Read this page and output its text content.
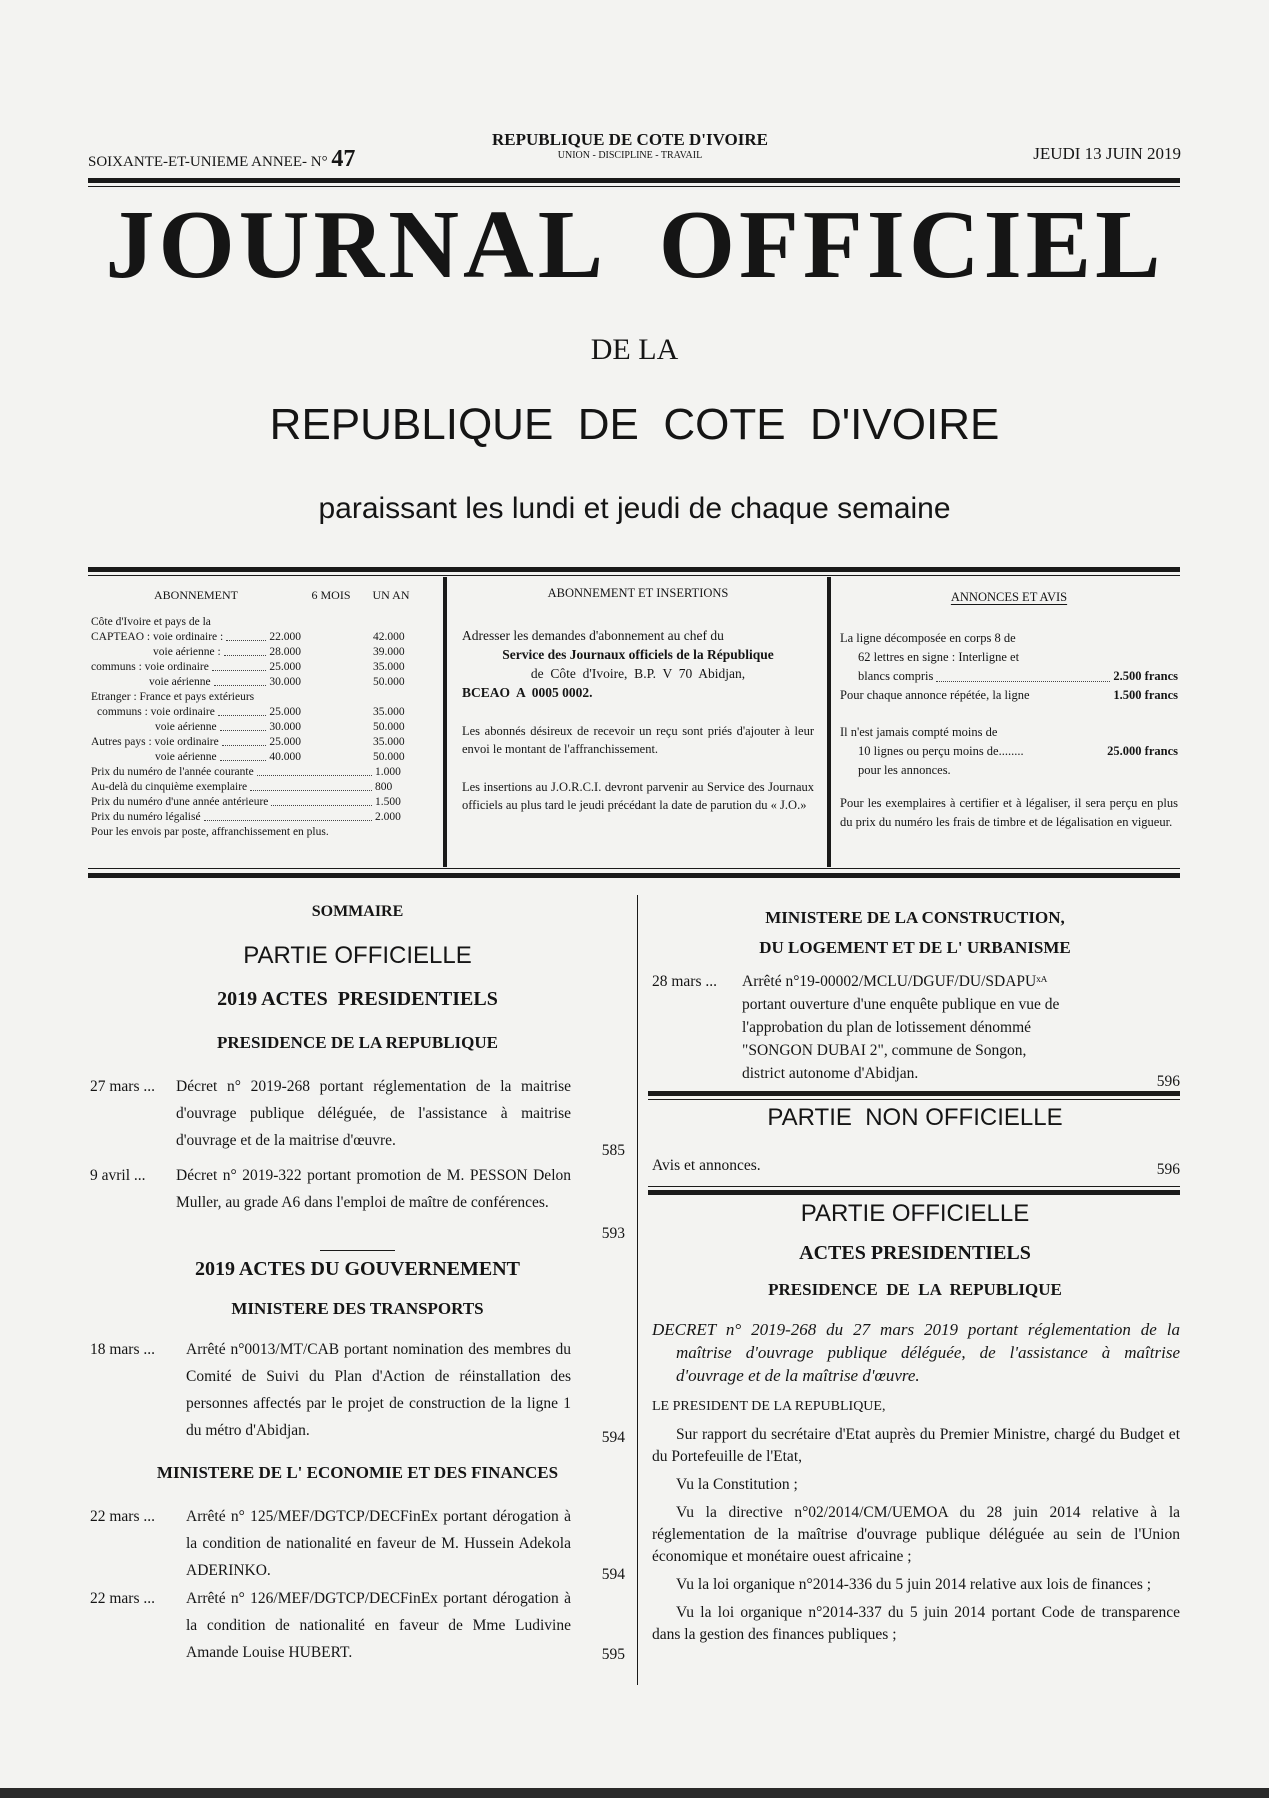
SOIXANTE-ET-UNIEME ANNEE- N° 47
REPUBLIQUE DE COTE D'IVOIRE
UNION - DISCIPLINE - TRAVAIL	JEUDI 13 JUIN 2019
JOURNAL  OFFICIEL
DE LA
REPUBLIQUE  DE  COTE  D'IVOIRE
paraissant les lundi et jeudi de chaque semaine
ABONNEMENT	6 MOIS	UN AN
Côte d'Ivoire et pays de la
CAPTEAO : voie ordinaire :	22.000	42.000
voie aérienne :	28.000	39.000
communs : voie ordinaire	25.000	35.000
voie aérienne	30.000	50.000
Etranger : France et pays extérieurs
communs : voie ordinaire	25.000	35.000
voie aérienne	30.000	50.000
Autres pays : voie ordinaire	25.000	35.000
voie aérienne	40.000	50.000
Prix du numéro de l'année courante	1.000
Au-delà du cinquième exemplaire	800
Prix du numéro d'une année antérieure	1.500
Prix du numéro légalisé	2.000
Pour les envois par poste, affranchissement en plus.
ABONNEMENT ET INSERTIONS
Adresser les demandes d'abonnement au chef du
Service des Journaux officiels de la République
de  Côte  d'Ivoire,  B.P.  V  70  Abidjan,
BCEAO  A  0005 0002.
Les abonnés désireux de recevoir un reçu sont priés d'ajouter à leur envoi le montant de l'affranchissement.
Les insertions au J.O.R.C.I. devront parvenir au Service des Journaux officiels au plus tard le jeudi précédant la date de parution du « J.O.»
ANNONCES ET AVIS
La ligne décomposée en corps 8 de
62 lettres en signe : Interligne et
blancs compris	2.500 francs
Pour chaque annonce répétée, la ligne	1.500 francs
Il n'est jamais compté moins de
10 lignes ou perçu moins de........	25.000 francs
pour les annonces.
Pour les exemplaires à certifier et à légaliser, il sera perçu en plus du prix du numéro les frais de timbre et de légalisation en vigueur.
SOMMAIRE
PARTIE OFFICIELLE
2019 ACTES  PRESIDENTIELS
PRESIDENCE DE LA REPUBLIQUE
27 mars ... Décret n° 2019-268 portant réglementation de la maitrise d'ouvrage publique déléguée, de l'assistance à maitrise d'ouvrage et de la maitrise d'œuvre.
585
9 avril ... Décret n° 2019-322 portant promotion de M. PESSON Delon Muller, au grade A6 dans l'emploi de maître de conférences.
593
2019 ACTES DU GOUVERNEMENT
MINISTERE DES TRANSPORTS
18 mars ... Arrêté n°0013/MT/CAB portant nomination des membres du Comité de Suivi du Plan d'Action de réinstallation des personnes affectés par le projet de construction de la ligne 1 du métro d'Abidjan.	594
MINISTERE DE L' ECONOMIE ET DES FINANCES
22 mars ... Arrêté n° 125/MEF/DGTCP/DECFinEx portant dérogation à la condition de nationalité en faveur de M. Hussein Adekola ADERINKO.	594
22 mars ... Arrêté n° 126/MEF/DGTCP/DECFinEx portant dérogation à la condition de nationalité en faveur de Mme Ludivine Amande Louise HUBERT.	595
MINISTERE DE LA CONSTRUCTION,
DU LOGEMENT ET DE L' URBANISME
28 mars ... Arrêté n°19-00002/MCLU/DGUF/DU/SDAPUˣᴬ
portant ouverture d'une enquête publique en vue de l'approbation du plan de lotissement dénommé "SONGON DUBAI 2", commune de Songon, district autonome d'Abidjan.	596
PARTIE  NON OFFICIELLE
Avis et annonces.	596
PARTIE OFFICIELLE
ACTES PRESIDENTIELS
PRESIDENCE  DE  LA  REPUBLIQUE
DECRET n° 2019-268 du 27 mars 2019 portant réglementation de la maîtrise d'ouvrage publique déléguée, de l'assistance à maîtrise d'ouvrage et de la maîtrise d'œuvre.
LE PRESIDENT DE LA REPUBLIQUE,
Sur rapport du secrétaire d'Etat auprès du Premier Ministre, chargé du Budget et du Portefeuille de l'Etat,
Vu la Constitution ;
Vu la directive n°02/2014/CM/UEMOA du 28 juin 2014 relative à la réglementation de la maîtrise d'ouvrage publique déléguée au sein de l'Union économique et monétaire ouest africaine ;
Vu la loi organique n°2014-336 du 5 juin 2014 relative aux lois de finances ;
Vu la loi organique n°2014-337 du 5 juin 2014 portant Code de transparence dans la gestion des finances publiques ;
